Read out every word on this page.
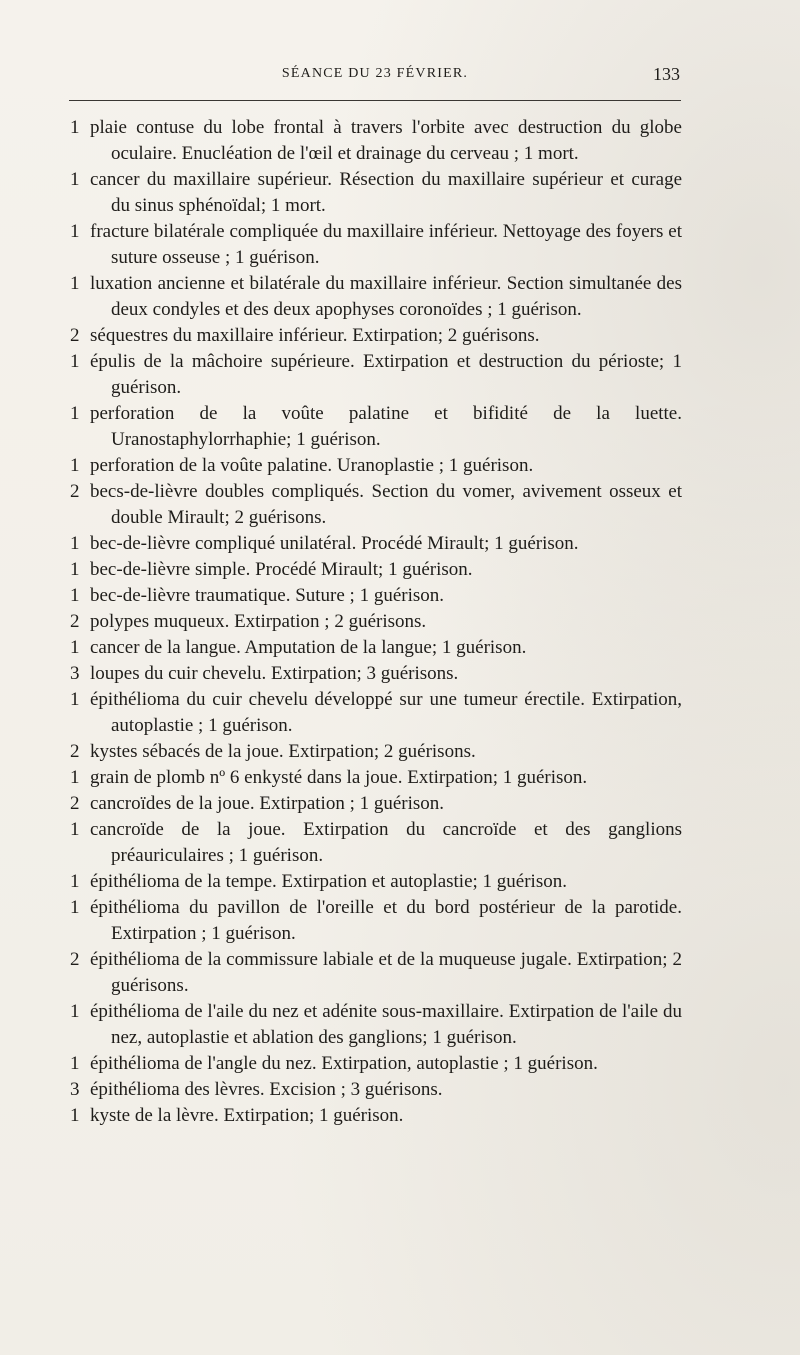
SÉANCE DU 23 FÉVRIER.	133

1 plaie contuse du lobe frontal à travers l'orbite avec destruction du globe oculaire. Enucléation de l'œil et drainage du cerveau ; 1 mort.

1 cancer du maxillaire supérieur. Résection du maxillaire supérieur et curage du sinus sphénoïdal; 1 mort.

1 fracture bilatérale compliquée du maxillaire inférieur. Nettoyage des foyers et suture osseuse ; 1 guérison.

1 luxation ancienne et bilatérale du maxillaire inférieur. Section simultanée des deux condyles et des deux apophyses coronoïdes ; 1 guérison.

2 séquestres du maxillaire inférieur. Extirpation; 2 guérisons.

1 épulis de la mâchoire supérieure. Extirpation et destruction du périoste; 1 guérison.

1 perforation de la voûte palatine et bifidité de la luette. Uranostaphylorrhaphie; 1 guérison.

1 perforation de la voûte palatine. Uranoplastie ; 1 guérison.

2 becs-de-lièvre doubles compliqués. Section du vomer, avivement osseux et double Mirault; 2 guérisons.

1 bec-de-lièvre compliqué unilatéral. Procédé Mirault; 1 guérison.

1 bec-de-lièvre simple. Procédé Mirault; 1 guérison.

1 bec-de-lièvre traumatique. Suture ; 1 guérison.

2 polypes muqueux. Extirpation ; 2 guérisons.

1 cancer de la langue. Amputation de la langue; 1 guérison.

3 loupes du cuir chevelu. Extirpation; 3 guérisons.

1 épithélioma du cuir chevelu développé sur une tumeur érectile. Extirpation, autoplastie ; 1 guérison.

2 kystes sébacés de la joue. Extirpation; 2 guérisons.

1 grain de plomb nº 6 enkysté dans la joue. Extirpation; 1 guérison.

2 cancroïdes de la joue. Extirpation ; 1 guérison.

1 cancroïde de la joue. Extirpation du cancroïde et des ganglions préauriculaires ; 1 guérison.

1 épithélioma de la tempe. Extirpation et autoplastie; 1 guérison.

1 épithélioma du pavillon de l'oreille et du bord postérieur de la parotide. Extirpation ; 1 guérison.

2 épithélioma de la commissure labiale et de la muqueuse jugale. Extirpation; 2 guérisons.

1 épithélioma de l'aile du nez et adénite sous-maxillaire. Extirpation de l'aile du nez, autoplastie et ablation des ganglions; 1 guérison.

1 épithélioma de l'angle du nez. Extirpation, autoplastie ; 1 guérison.

3 épithélioma des lèvres. Excision ; 3 guérisons.

1 kyste de la lèvre. Extirpation; 1 guérison.
